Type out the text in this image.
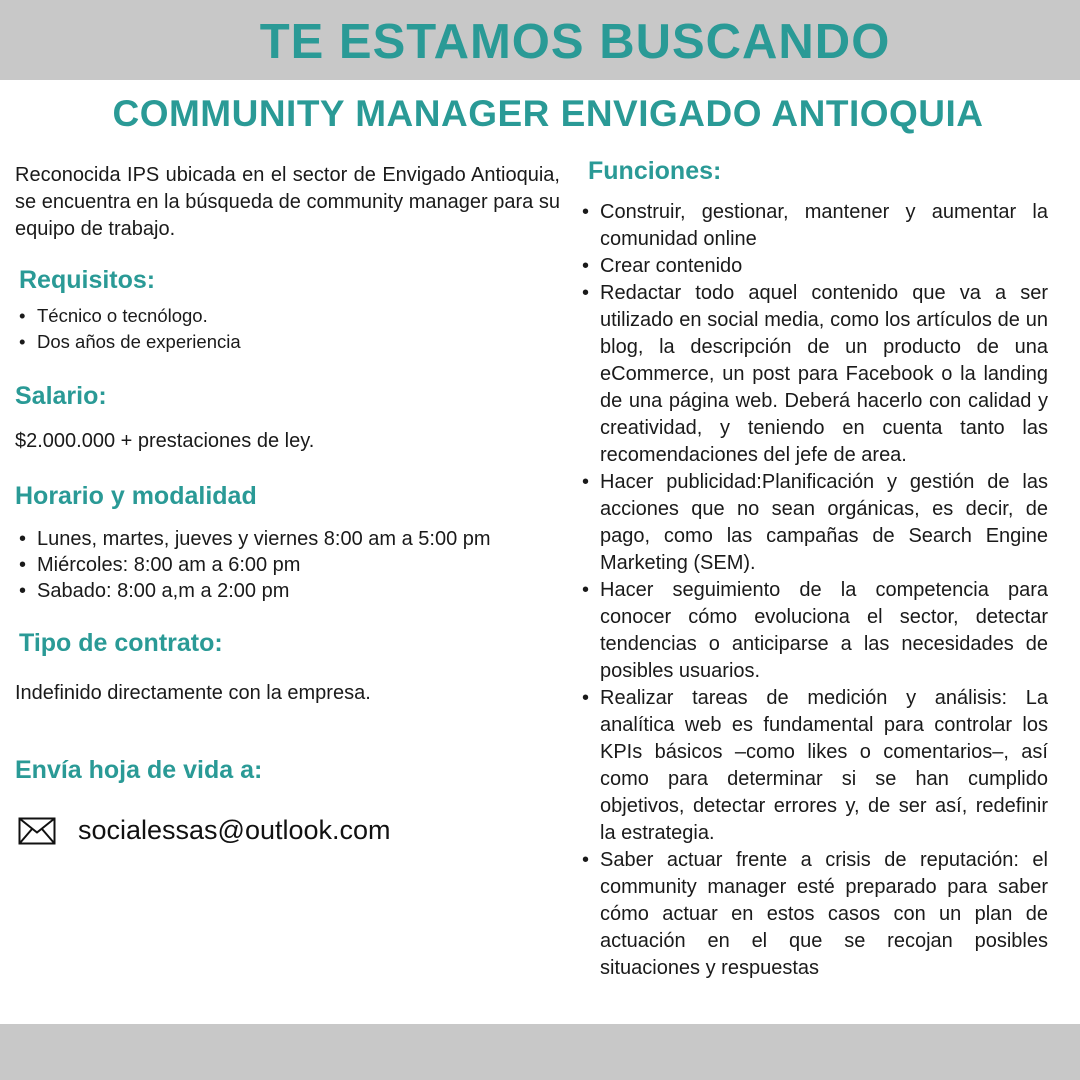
TE ESTAMOS BUSCANDO
COMMUNITY MANAGER ENVIGADO ANTIOQUIA

Reconocida IPS ubicada en el sector de Envigado Antioquia, se encuentra en la búsqueda de community manager para su equipo de trabajo.

Requisitos:
• Técnico o tecnólogo.
• Dos años de experiencia
Salario:

$2.000.000 + prestaciones de ley.

Horario y modalidad
• Lunes, martes, jueves y viernes 8:00 am a 5:00 pm
• Miércoles: 8:00 am a 6:00 pm
• Sabado: 8:00 a,m a 2:00 pm
Tipo de contrato:

Indefinido directamente con la empresa.

Envía hoja de vida a:
socialessas@outlook.com
Funciones:
• Construir, gestionar, mantener y aumentar la comunidad online
• Crear contenido
• Redactar todo aquel contenido que va a ser utilizado en social media, como los artículos de un blog, la descripción de un producto de una eCommerce, un post para Facebook o la landing de una página web. Deberá hacerlo con calidad y creatividad, y teniendo en cuenta tanto las recomendaciones del jefe de area.
• Hacer publicidad:Planificación y gestión de las acciones que no sean orgánicas, es decir, de pago, como las campañas de Search Engine Marketing (SEM).
• Hacer seguimiento de la competencia para conocer cómo evoluciona el sector, detectar tendencias o anticiparse a las necesidades de posibles usuarios.
• Realizar tareas de medición y análisis: La analítica web es fundamental para controlar los KPIs básicos –como likes o comentarios–, así como para determinar si se han cumplido objetivos, detectar errores y, de ser así, redefinir la estrategia.
• Saber actuar frente a crisis de reputación: el community manager esté preparado para saber cómo actuar en estos casos con un plan de actuación en el que se recojan posibles situaciones y respuestas
